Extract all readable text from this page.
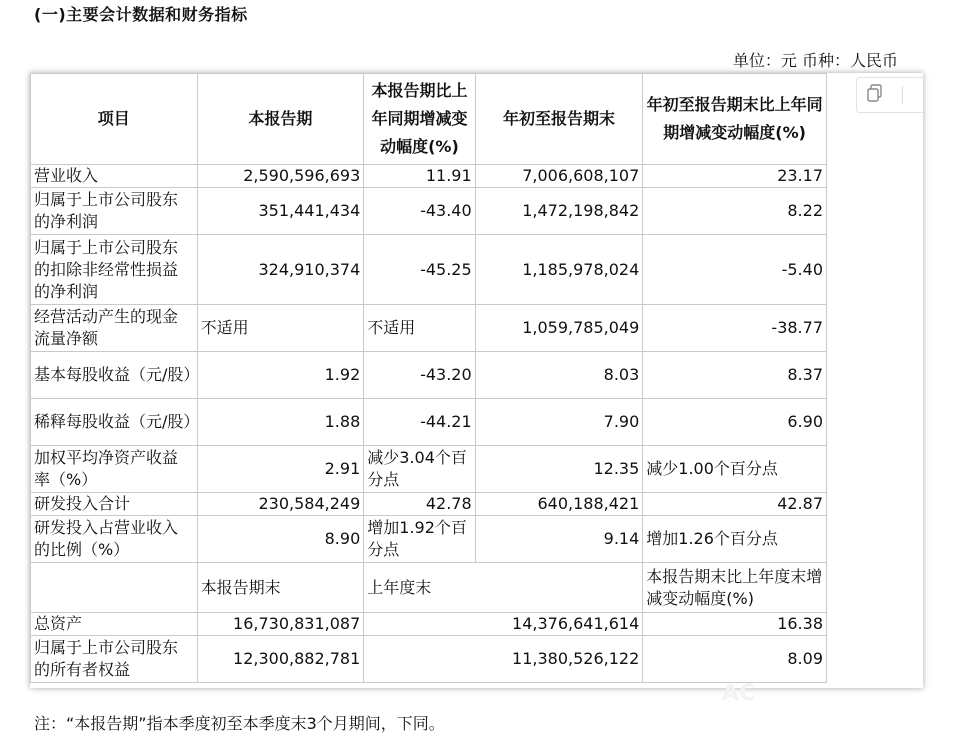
(一)主要会计数据和财务指标
单位：元 币种：人民币
项目	本报告期	本报告期比上年同期增减变动幅度(%)	年初至报告期末	年初至报告期末比上年同期增减变动幅度(%)
营业收入	2,590,596,693	11.91	7,006,608,107	23.17
归属于上市公司股东的净利润	351,441,434	-43.40	1,472,198,842	8.22
归属于上市公司股东的扣除非经常性损益的净利润	324,910,374	-45.25	1,185,978,024	-5.40
经营活动产生的现金流量净额	不适用	不适用	1,059,785,049	-38.77
基本每股收益（元/股）	1.92	-43.20	8.03	8.37
稀释每股收益（元/股）	1.88	-44.21	7.90	6.90
加权平均净资产收益率（%）	2.91	减少3.04个百分点	12.35	减少1.00个百分点
研发投入合计	230,584,249	42.78	640,188,421	42.87
研发投入占营业收入的比例（%）	8.90	增加1.92个百分点	9.14	增加1.26个百分点
	本报告期末	上年度末		本报告期末比上年度末增减变动幅度(%)
总资产	16,730,831,087	14,376,641,614		16.38
归属于上市公司股东的所有者权益	12,300,882,781	11,380,526,122		8.09
AC
注：“本报告期”指本季度初至本季度末3个月期间，下同。
